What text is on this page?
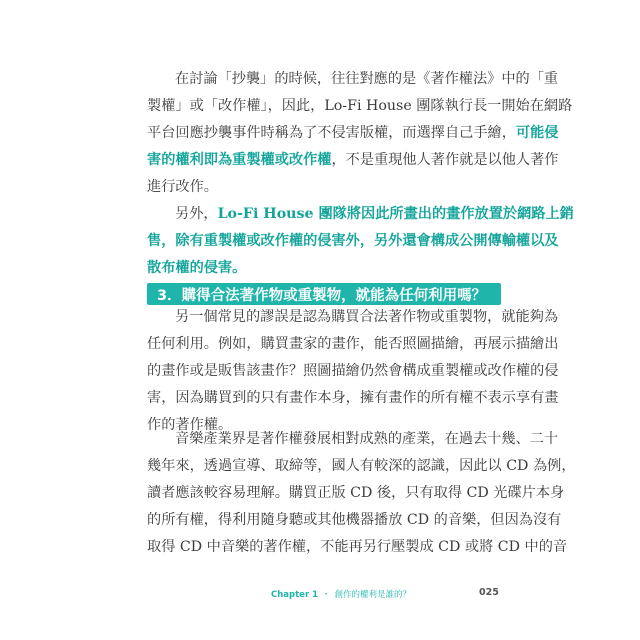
在討論「抄襲」的時候，往往對應的是《著作權法》中的「重
製權」或「改作權」，因此，Lo-Fi House 團隊執行長一開始在網路
平台回應抄襲事件時稱為了不侵害版權，而選擇自己手繪，可能侵
害的權利即為重製權或改作權，不是重現他人著作就是以他人著作
進行改作。
另外，Lo-Fi House 團隊將因此所畫出的畫作放置於網路上銷
售，除有重製權或改作權的侵害外，另外還會構成公開傳輸權以及
散布權的侵害。
3．購得合法著作物或重製物，就能為任何利用嗎？
另一個常見的謬誤是認為購買合法著作物或重製物，就能夠為
任何利用。例如，購買畫家的畫作，能否照圖描繪，再展示描繪出
的畫作或是販售該畫作？照圖描繪仍然會構成重製權或改作權的侵
害，因為購買到的只有畫作本身，擁有畫作的所有權不表示享有畫
作的著作權。
音樂產業界是著作權發展相對成熟的產業，在過去十幾、二十
幾年來，透過宣導、取締等，國人有較深的認識，因此以 CD 為例，
讀者應該較容易理解。購買正版 CD 後，只有取得 CD 光碟片本身
的所有權，得利用隨身聽或其他機器播放 CD 的音樂，但因為沒有
取得 CD 中音樂的著作權，不能再另行壓製成 CD 或將 CD 中的音
Chapter 1 ・ 創作的權利是誰的？	025
